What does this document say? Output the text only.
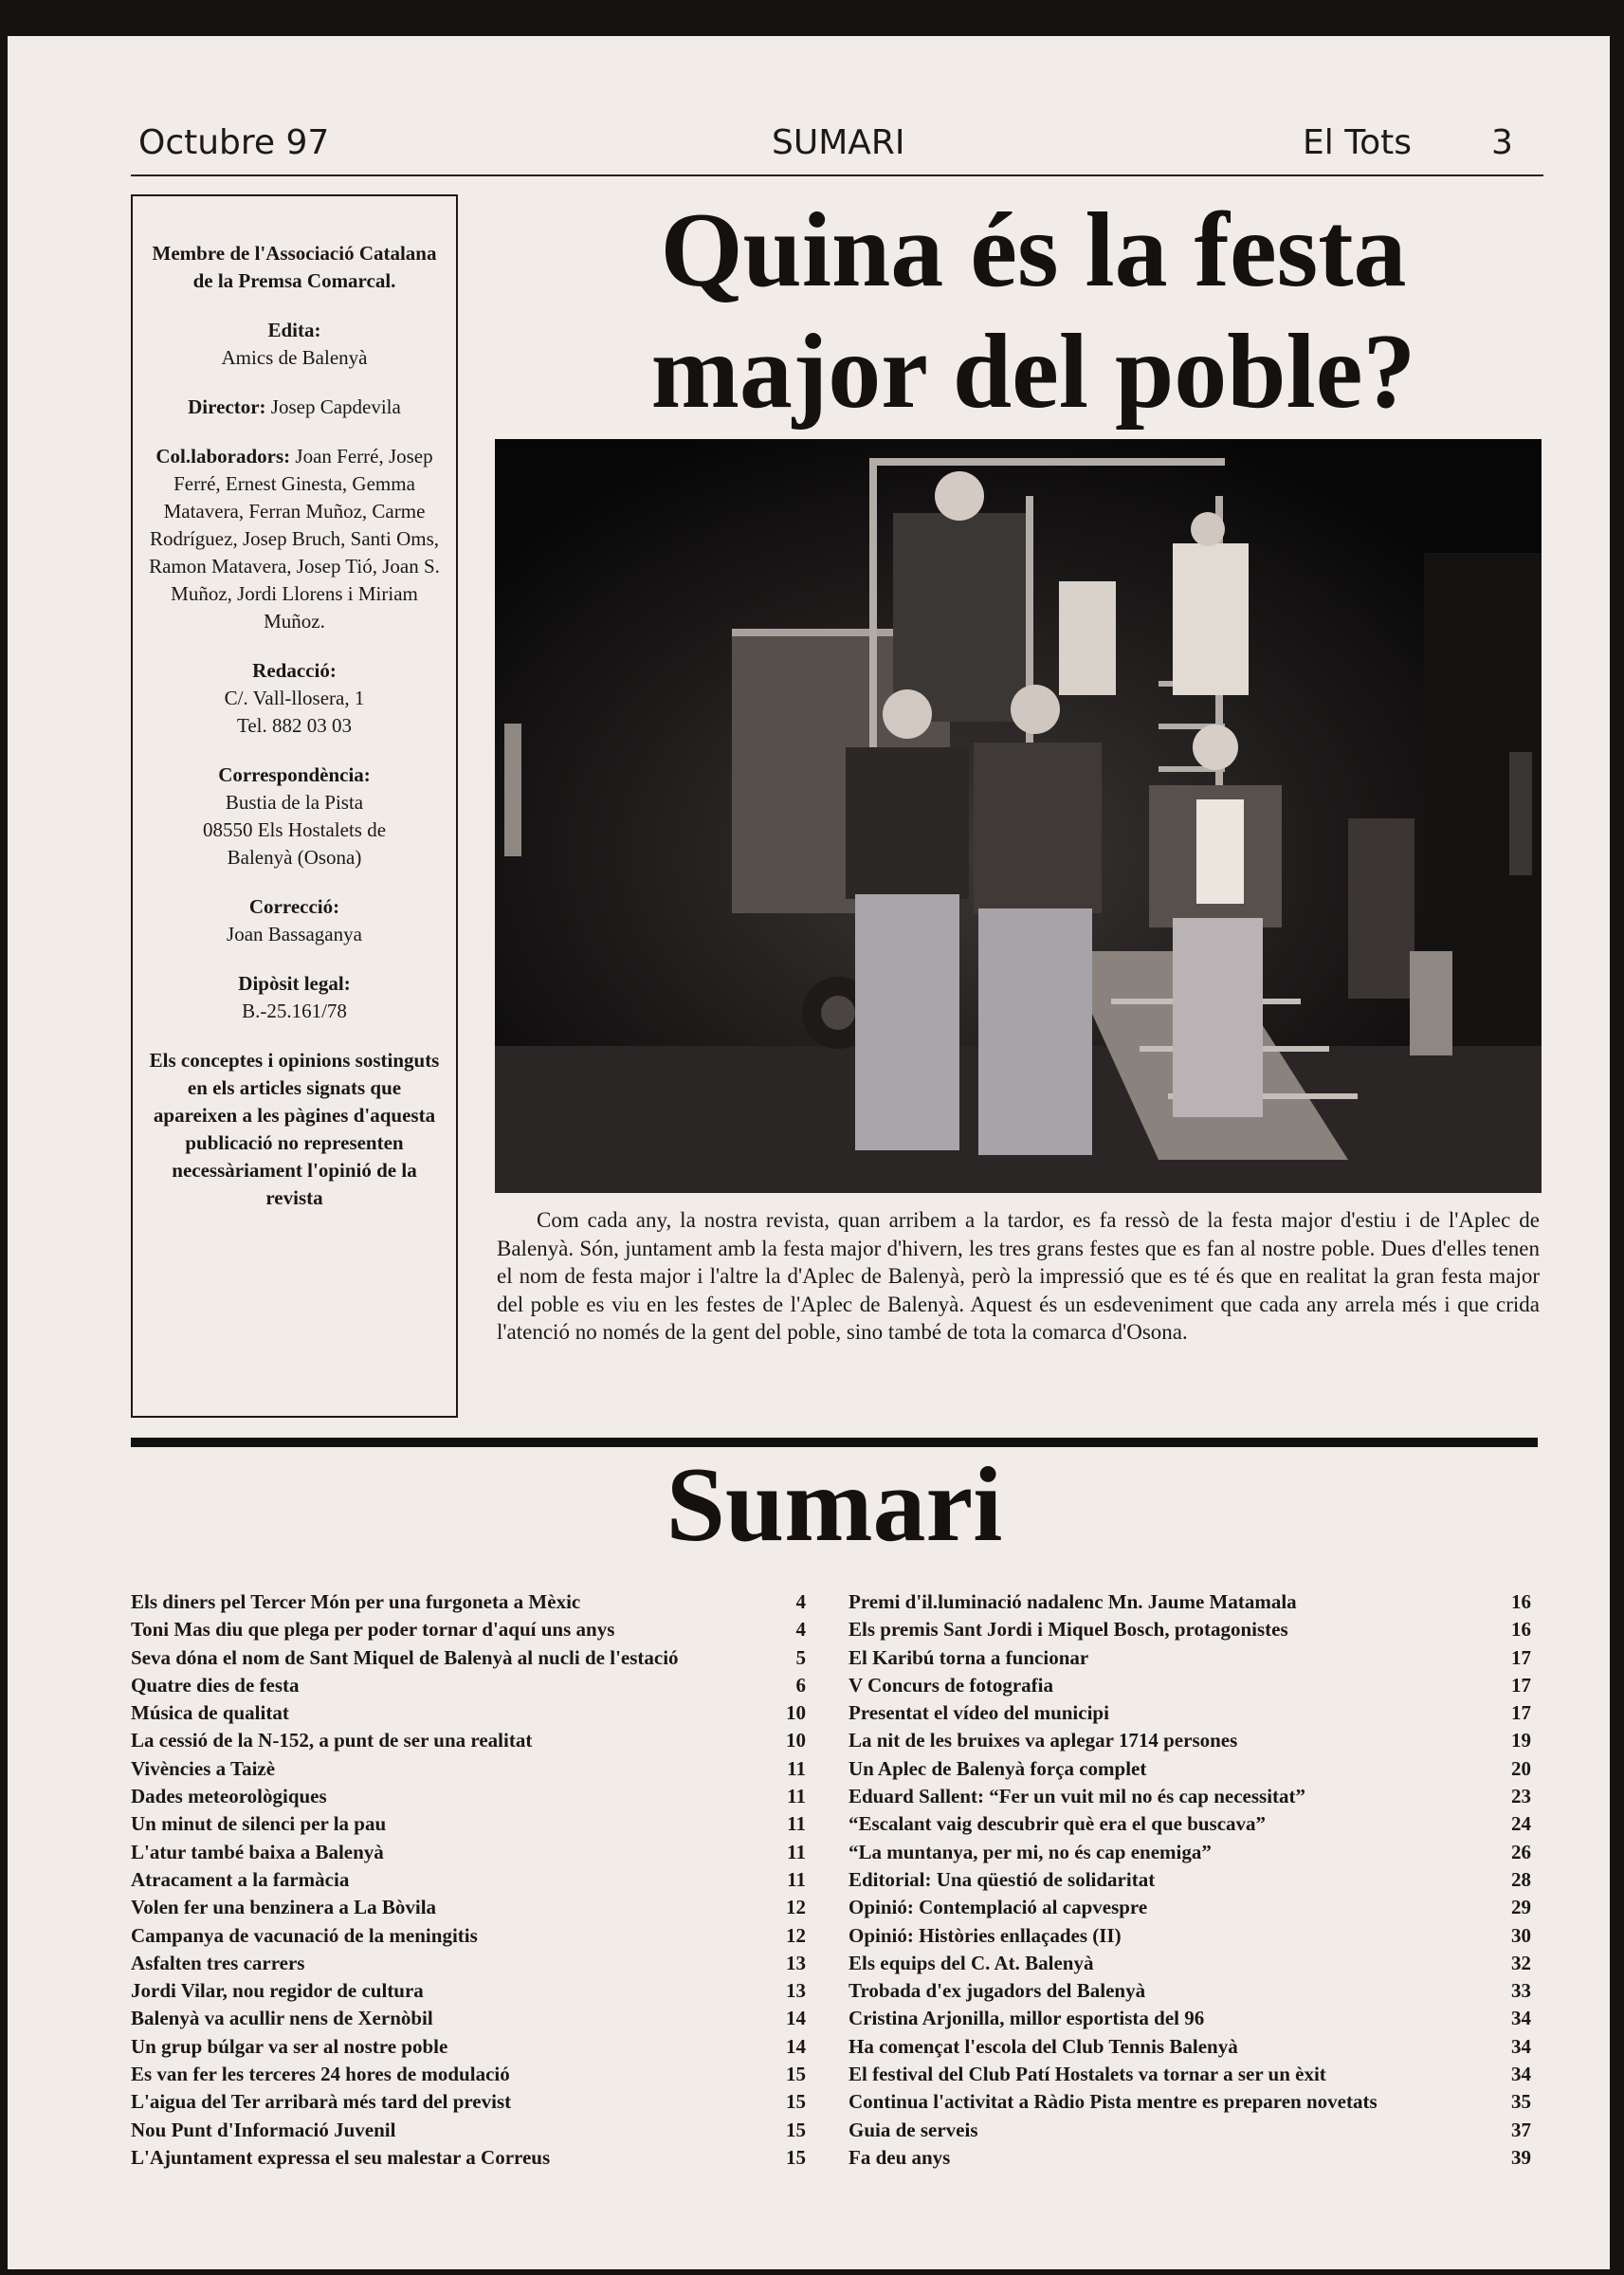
Octubre 97	SUMARI	El Tots 3

Membre de l'Associació Catalana de la Premsa Comarcal.

Edita:
Amics de Balenyà

Director: Josep Capdevila

Col.laboradors: Joan Ferré, Josep Ferré, Ernest Ginesta, Gemma Matavera, Ferran Muñoz, Carme Rodríguez, Josep Bruch, Santi Oms, Ramon Matavera, Josep Tió, Joan S. Muñoz, Jordi Llorens i Miriam Muñoz.

Redacció:
C/. Vall-llosera, 1
Tel. 882 03 03

Correspondència:
Bustia de la Pista
08550 Els Hostalets de
Balenyà (Osona)

Correcció:
Joan Bassaganya

Dipòsit legal:
B.-25.161/78

Els conceptes i opinions sostinguts en els articles signats que apareixen a les pàgines d'aquesta publicació no representen necessàriament l'opinió de la revista

Quina és la festa
major del poble?
Com cada any, la nostra revista, quan arribem a la tardor, es fa ressò de la festa major d'estiu i de l'Aplec de Balenyà. Són, juntament amb la festa major d'hivern, les tres grans festes que es fan al nostre poble. Dues d'elles tenen el nom de festa major i l'altre la d'Aplec de Balenyà, però la impressió que es té és que en realitat la gran festa major del poble es viu en les festes de l'Aplec de Balenyà. Aquest és un esdeveniment que cada any arrela més i que crida l'atenció no només de la gent del poble, sino també de tota la comarca d'Osona.
Sumari
Els diners pel Tercer Món per una furgoneta a Mèxic	4
Toni Mas diu que plega per poder tornar d'aquí uns anys	4
Seva dóna el nom de Sant Miquel de Balenyà al nucli de l'estació	5
Quatre dies de festa	6
Música de qualitat	10
La cessió de la N-152, a punt de ser una realitat	10
Vivències a Taizè	11
Dades meteorològiques	11
Un minut de silenci per la pau	11
L'atur també baixa a Balenyà	11
Atracament a la farmàcia	11
Volen fer una benzinera a La Bòvila	12
Campanya de vacunació de la meningitis	12
Asfalten tres carrers	13
Jordi Vilar, nou regidor de cultura	13
Balenyà va acullir nens de Xernòbil	14
Un grup búlgar va ser al nostre poble	14
Es van fer les terceres 24 hores de modulació	15
L'aigua del Ter arribarà més tard del previst	15
Nou Punt d'Informació Juvenil	15
L'Ajuntament expressa el seu malestar a Correus	15
Premi d'il.luminació nadalenc Mn. Jaume Matamala	16
Els premis Sant Jordi i Miquel Bosch, protagonistes	16
El Karibú torna a funcionar	17
V Concurs de fotografia	17
Presentat el vídeo del municipi	17
La nit de les bruixes va aplegar 1714 persones	19
Un Aplec de Balenyà força complet	20
Eduard Sallent: “Fer un vuit mil no és cap necessitat”	23
“Escalant vaig descubrir què era el que buscava”	24
“La muntanya, per mi, no és cap enemiga”	26
Editorial: Una qüestió de solidaritat	28
Opinió: Contemplació al capvespre	29
Opinió: Històries enllaçades (II)	30
Els equips del C. At. Balenyà	32
Trobada d'ex jugadors del Balenyà	33
Cristina Arjonilla, millor esportista del 96	34
Ha començat l'escola del Club Tennis Balenyà	34
El festival del Club Patí Hostalets va tornar a ser un èxit	34
Continua l'activitat a Ràdio Pista mentre es preparen novetats	35
Guia de serveis	37
Fa deu anys	39
